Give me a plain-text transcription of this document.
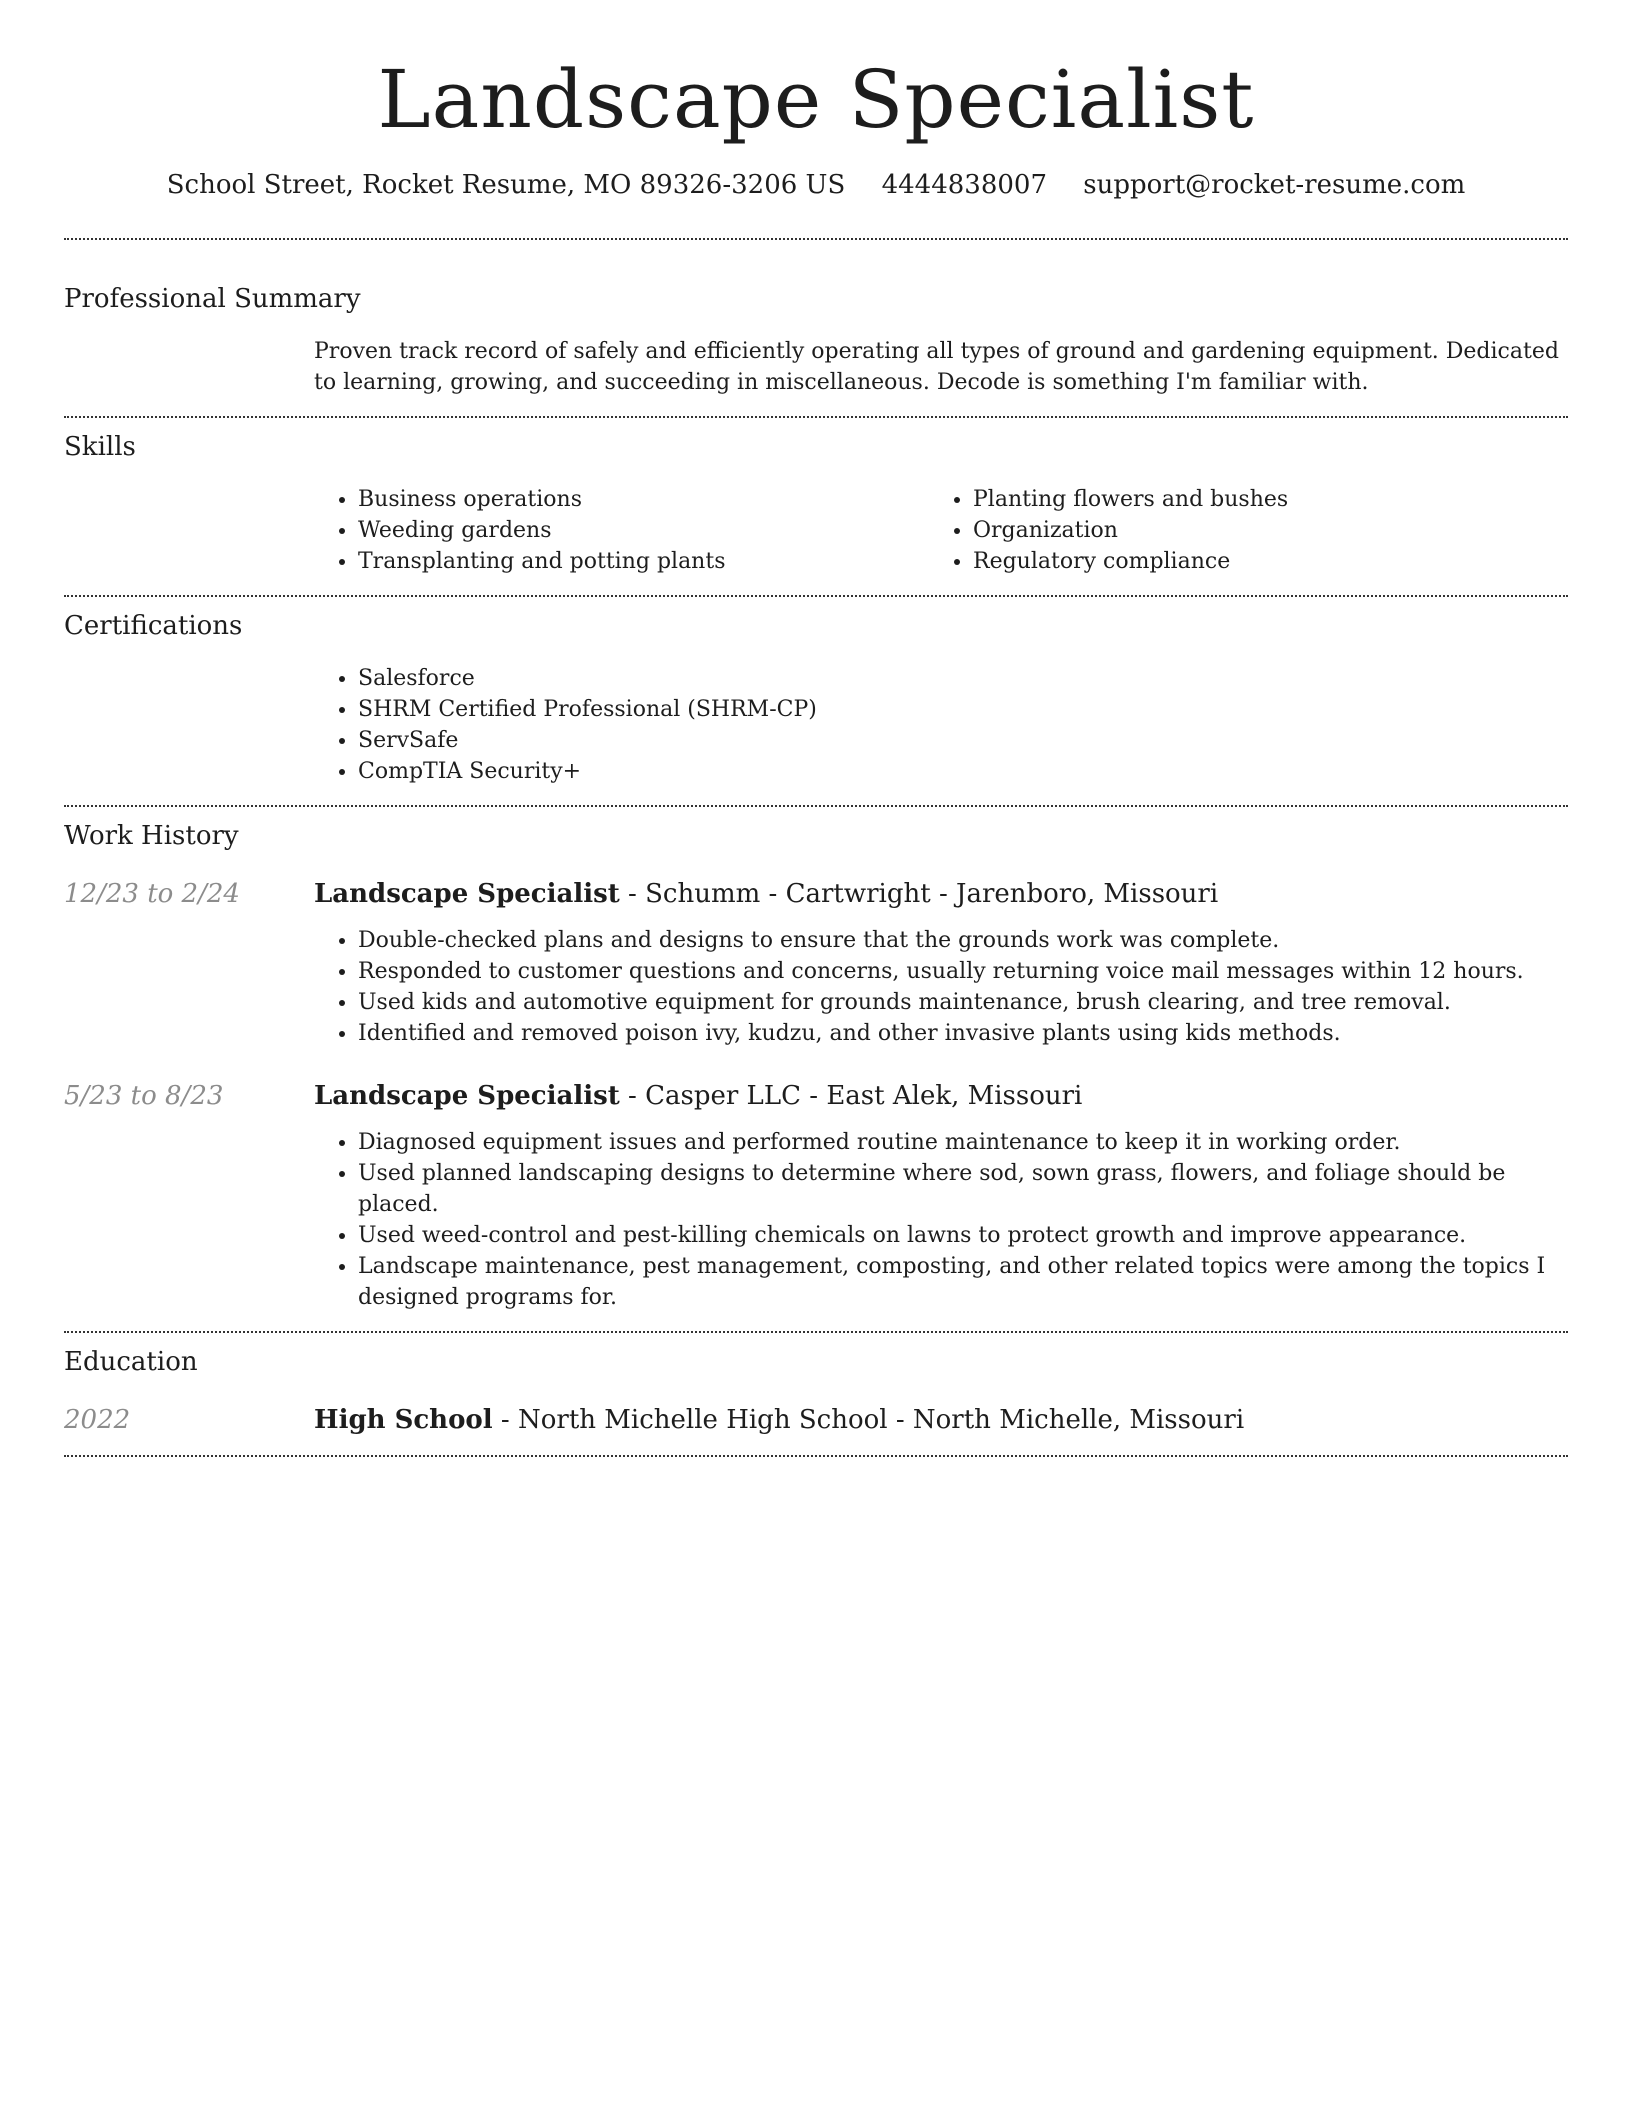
Landscape Specialist
School Street, Rocket Resume, MO 89326-3206 US 4444838007 support@rocket-resume.com
Professional Summary
Proven track record of safely and efficiently operating all types of ground and gardening equipment. Dedicated to learning, growing, and succeeding in miscellaneous. Decode is something I'm familiar with.
Skills
• Business operations
• Weeding gardens
• Transplanting and potting plants
• Planting flowers and bushes
• Organization
• Regulatory compliance
Certifications
• Salesforce
• SHRM Certified Professional (SHRM-CP)
• ServSafe
• CompTIA Security+
Work History
12/23 to 2/24	Landscape Specialist - Schumm - Cartwright - Jarenboro, Missouri
• Double-checked plans and designs to ensure that the grounds work was complete.
• Responded to customer questions and concerns, usually returning voice mail messages within 12 hours.
• Used kids and automotive equipment for grounds maintenance, brush clearing, and tree removal.
• Identified and removed poison ivy, kudzu, and other invasive plants using kids methods.
5/23 to 8/23	Landscape Specialist - Casper LLC - East Alek, Missouri
• Diagnosed equipment issues and performed routine maintenance to keep it in working order.
• Used planned landscaping designs to determine where sod, sown grass, flowers, and foliage should be placed.
• Used weed-control and pest-killing chemicals on lawns to protect growth and improve appearance.
• Landscape maintenance, pest management, composting, and other related topics were among the topics I designed programs for.
Education
2022	High School - North Michelle High School - North Michelle, Missouri
